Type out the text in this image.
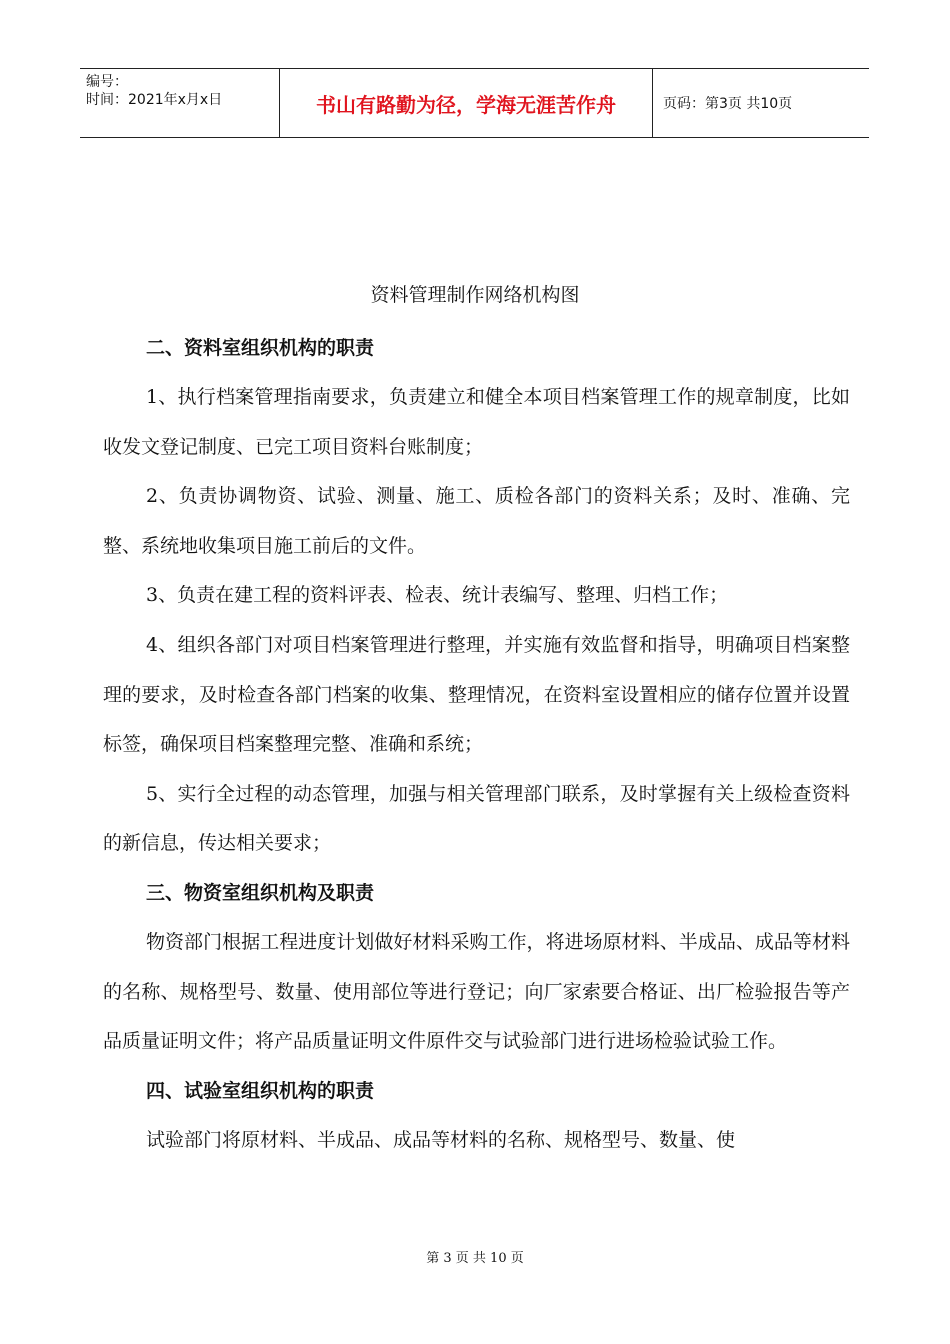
编号：
时间：2021年x月x日	书山有路勤为径，学海无涯苦作舟	页码：第3页 共10页
资料管理制作网络机构图

二、资料室组织机构的职责

1、执行档案管理指南要求，负责建立和健全本项目档案管理工作的规章制度，比如收发文登记制度、已完工项目资料台账制度；

2、负责协调物资、试验、测量、施工、质检各部门的资料关系；及时、准确、完整、系统地收集项目施工前后的文件。

3、负责在建工程的资料评表、检表、统计表编写、整理、归档工作；

4、组织各部门对项目档案管理进行整理，并实施有效监督和指导，明确项目档案整理的要求，及时检查各部门档案的收集、整理情况，在资料室设置相应的储存位置并设置标签，确保项目档案整理完整、准确和系统；

5、实行全过程的动态管理，加强与相关管理部门联系，及时掌握有关上级检查资料的新信息，传达相关要求；

三、物资室组织机构及职责

物资部门根据工程进度计划做好材料采购工作，将进场原材料、半成品、成品等材料的名称、规格型号、数量、使用部位等进行登记；向厂家索要合格证、出厂检验报告等产品质量证明文件；将产品质量证明文件原件交与试验部门进行进场检验试验工作。

四、试验室组织机构的职责

试验部门将原材料、半成品、成品等材料的名称、规格型号、数量、使

第 3 页 共 10 页
